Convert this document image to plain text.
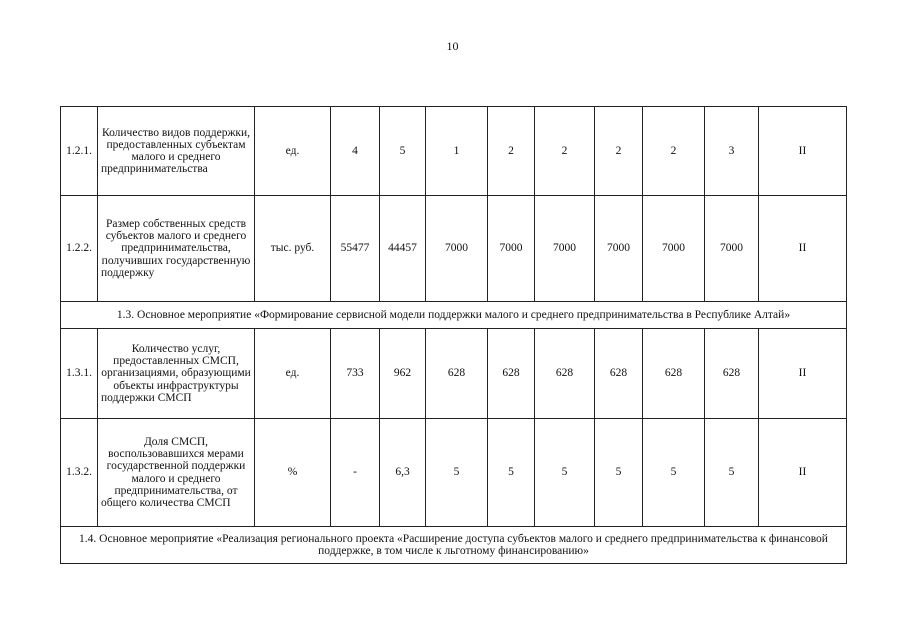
10
1.2.1.	Количество видов поддержки, предоставленных субъектам малого и среднего предпринимательства	ед.	4	5	1	2	2	2	2	3	II
1.2.2.	Размер собственных средств субъектов малого и среднего предпринимательства, получивших государственную поддержку	тыс. руб.	55477	44457	7000	7000	7000	7000	7000	7000	II
1.3. Основное мероприятие «Формирование сервисной модели поддержки малого и среднего предпринимательства в Республике Алтай»											
1.3.1.	Количество услуг, предоставленных СМСП, организациями, образующими объекты инфраструктуры поддержки СМСП	ед.	733	962	628	628	628	628	628	628	II
1.3.2.	Доля СМСП, воспользовавшихся мерами государственной поддержки малого и среднего предпринимательства, от общего количества СМСП	%	-	6,3	5	5	5	5	5	5	II
1.4. Основное мероприятие «Реализация регионального проекта «Расширение доступа субъектов малого и среднего предпринимательства к финансовой поддержке, в том числе к льготному финансированию»											
